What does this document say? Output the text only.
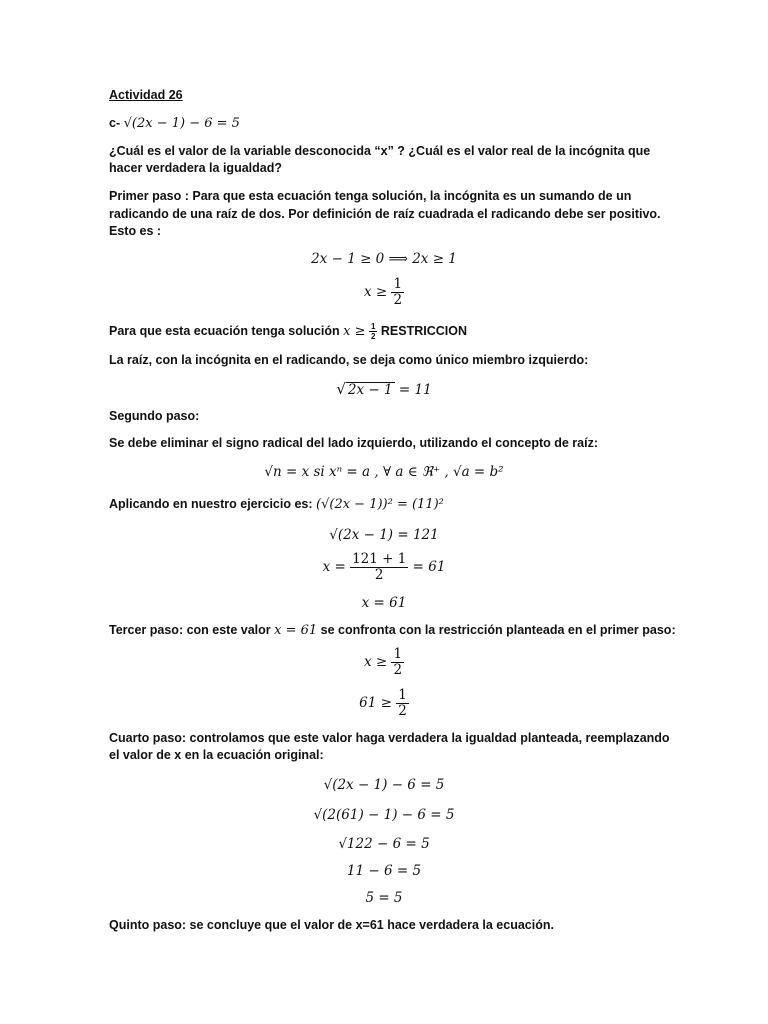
Actividad 26
c- √(2x − 1) − 6 = 5
¿Cuál es el valor de la variable desconocida “x” ? ¿Cuál es el valor real de la incógnita que
hacer verdadera la igualdad?
Primer paso : Para que esta ecuación tenga solución, la incógnita es un sumando de un
radicando de una raíz de dos. Por definición de raíz cuadrada el radicando debe ser positivo.
Esto es :
2x − 1 ≥ 0 ⟹ 2x ≥ 1
$x \ge \frac{1}{2}$
Para que esta ecuación tenga solución $x \ge \frac{1}{2}$ RESTRICCION
La raíz, con la incógnita en el radicando, se deja como único miembro izquierdo:
√ 2x − 1 = 11
Segundo paso:
Se debe eliminar el signo radical del lado izquierdo, utilizando el concepto de raíz:
√n = x si xⁿ = a , ∀ a ∈ ℜ⁺ , √a = b²
Aplicando en nuestro ejercicio es: (√(2x − 1))² = (11)²
√(2x − 1) = 121
$x = \frac{121 + 1}{2} = 61$
x = 61
Tercer paso: con este valor x = 61 se confronta con la restricción planteada en el primer paso:
$x \ge \frac{1}{2}$
$61 \ge \frac{1}{2}$
Cuarto paso: controlamos que este valor haga verdadera la igualdad planteada, reemplazando
el valor de x en la ecuación original:
√(2x − 1) − 6 = 5
√(2(61) − 1) − 6 = 5
√122 − 6 = 5
11 − 6 = 5
5 = 5
Quinto paso: se concluye que el valor de x=61 hace verdadera la ecuación.
